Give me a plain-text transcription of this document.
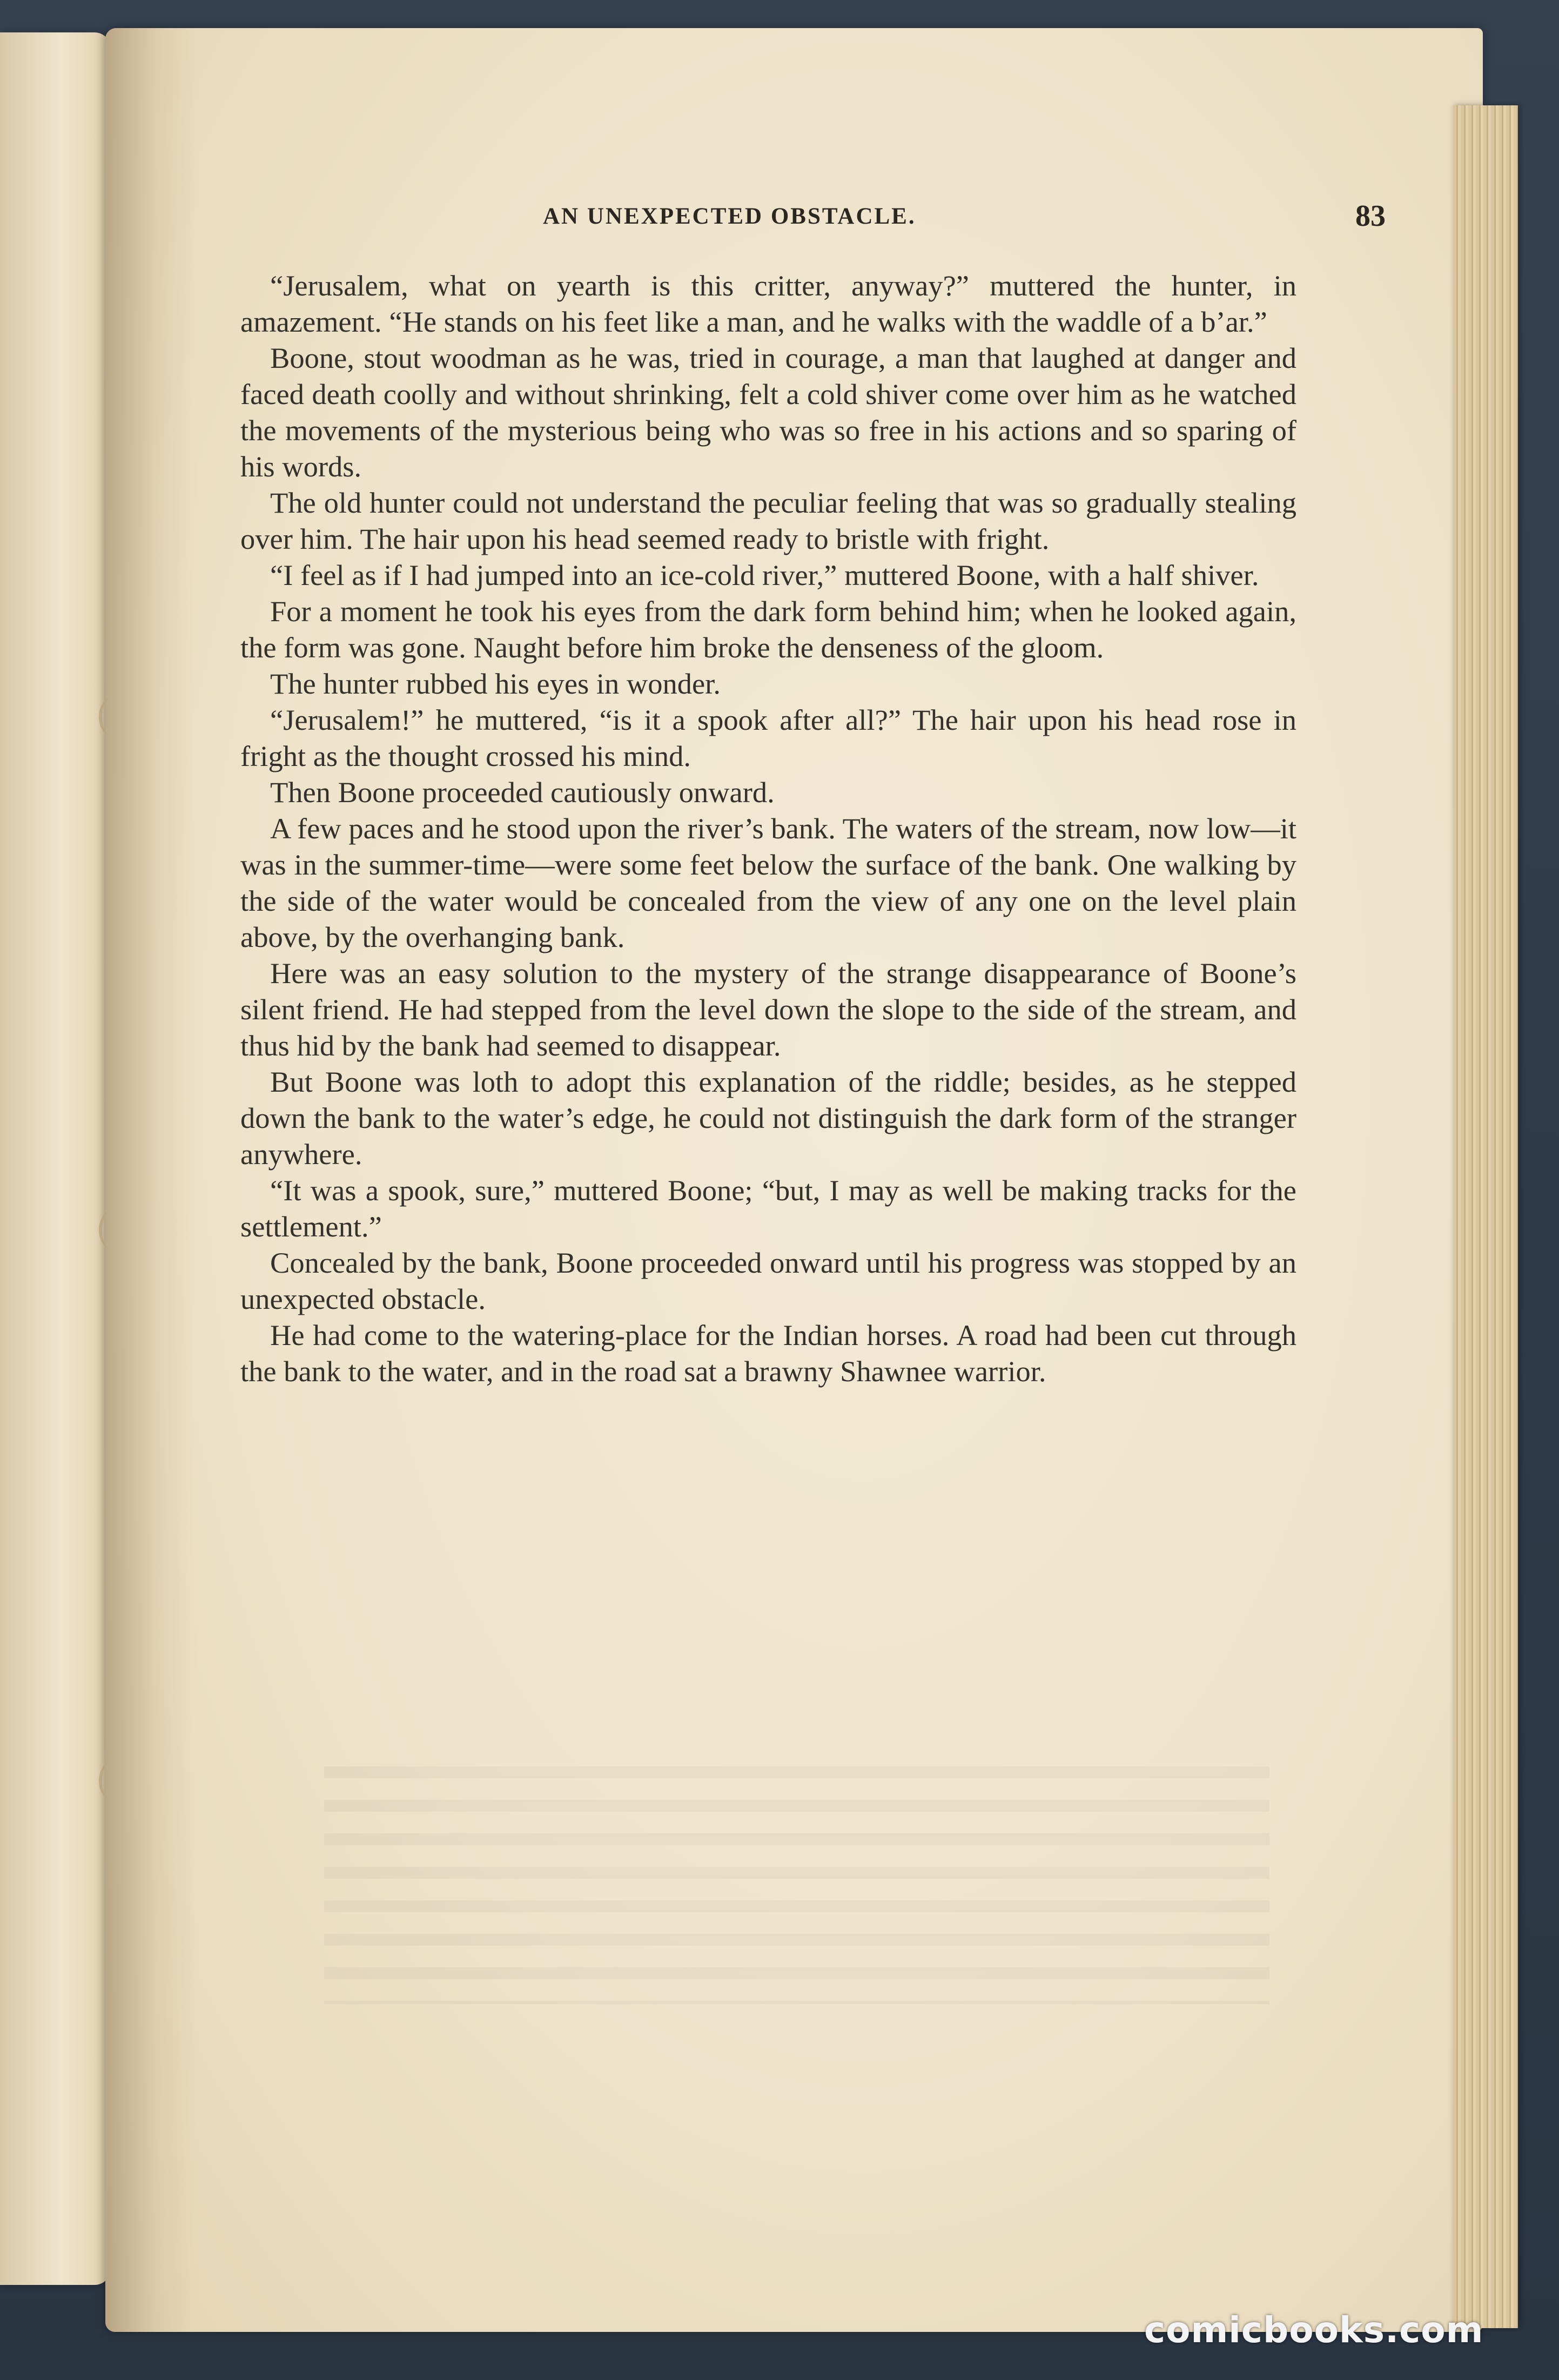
AN UNEXPECTED OBSTACLE.	83

“Jerusalem, what on yearth is this critter, anyway?” muttered the hunter, in amazement. “He stands on his feet like a man, and he walks with the waddle of a b’ar.”

Boone, stout woodman as he was, tried in courage, a man that laughed at danger and faced death coolly and without shrinking, felt a cold shiver come over him as he watched the movements of the mysterious being who was so free in his actions and so sparing of his words.

The old hunter could not understand the peculiar feeling that was so gradually stealing over him. The hair upon his head seemed ready to bristle with fright.

“I feel as if I had jumped into an ice-cold river,” muttered Boone, with a half shiver.

For a moment he took his eyes from the dark form behind him; when he looked again, the form was gone. Naught before him broke the denseness of the gloom.

The hunter rubbed his eyes in wonder.

“Jerusalem!” he muttered, “is it a spook after all?” The hair upon his head rose in fright as the thought crossed his mind.

Then Boone proceeded cautiously onward.

A few paces and he stood upon the river’s bank. The waters of the stream, now low—it was in the summer-time—were some feet below the surface of the bank. One walking by the side of the water would be concealed from the view of any one on the level plain above, by the overhanging bank.

Here was an easy solution to the mystery of the strange disappearance of Boone’s silent friend. He had stepped from the level down the slope to the side of the stream, and thus hid by the bank had seemed to disappear.

But Boone was loth to adopt this explanation of the riddle; besides, as he stepped down the bank to the water’s edge, he could not distinguish the dark form of the stranger anywhere.

“It was a spook, sure,” muttered Boone; “but, I may as well be making tracks for the settlement.”

Concealed by the bank, Boone proceeded onward until his progress was stopped by an unexpected obstacle.

He had come to the watering-place for the Indian horses. A road had been cut through the bank to the water, and in the road sat a brawny Shawnee warrior.

comicbooks.com
